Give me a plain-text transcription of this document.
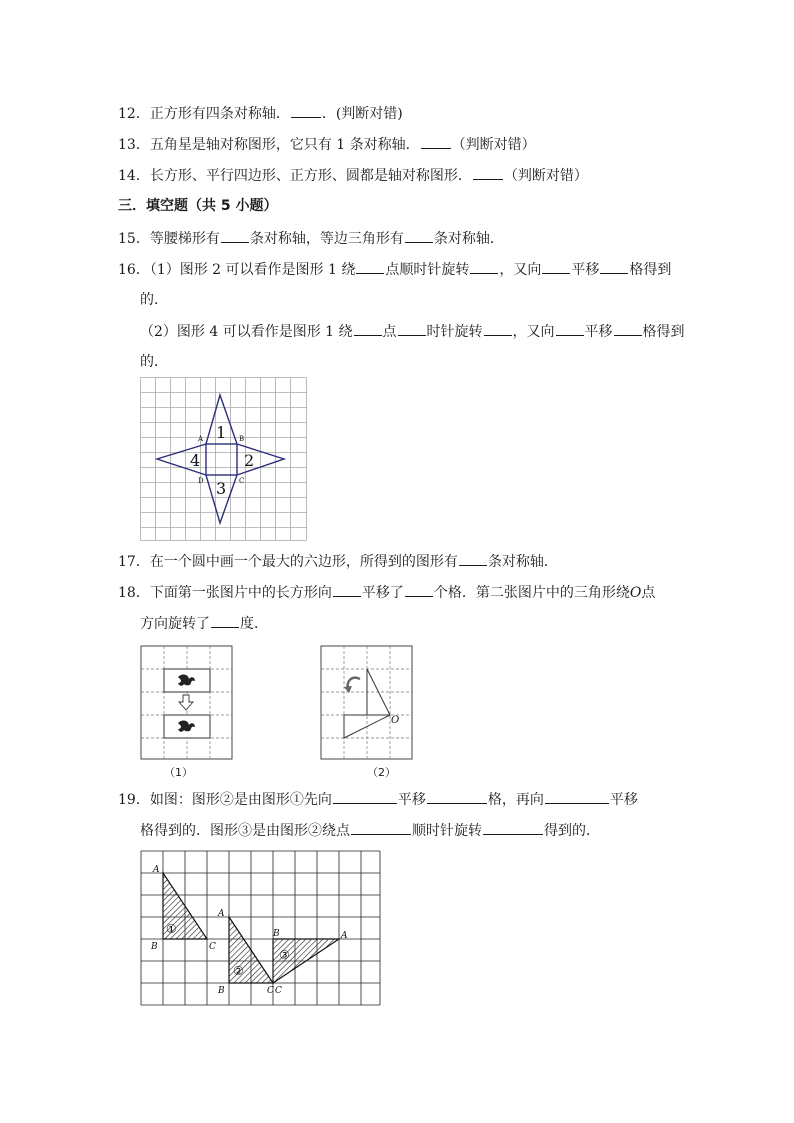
12．正方形有四条对称轴． ．(判断对错)
13．五角星是轴对称图形，它只有 1 条对称轴． （判断对错）
14．长方形、平行四边形、正方形、圆都是轴对称图形． （判断对错）
三．填空题（共 5 小题）
15．等腰梯形有 条对称轴，等边三角形有 条对称轴．
16．（1）图形 2 可以看作是图形 1 绕 点顺时针旋转 ，又向 平移 格得到
的．
（2）图形 4 可以看作是图形 1 绕 点 时针旋转 ，又向 平移 格得到
的．
1
2
3
4
A	B
C
D
17．在一个圆中画一个最大的六边形，所得到的图形有 条对称轴．
18．下面第一张图片中的长方形向 平移了 个格．第二张图片中的三角形绕O点
方向旋转了 度．
（1）
O
（2）
19．如图：图形②是由图形①先向	平移	格，再向	平移
格得到的．图形③是由图形②绕点	顺时针旋转	得到的．
A
B	C
A
B	C
A
B
C
①
②
③
